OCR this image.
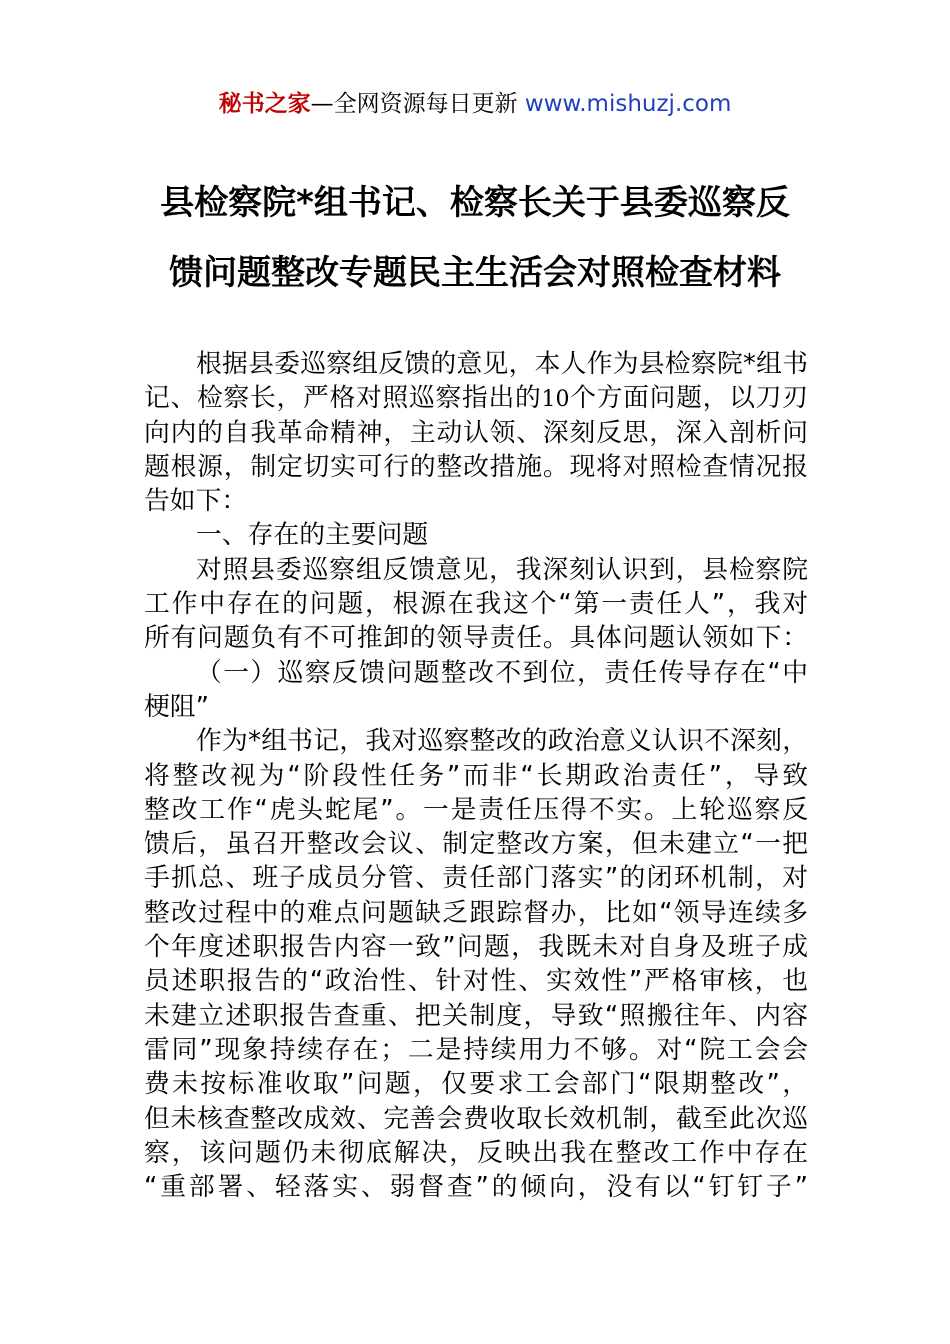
秘书之家—全网资源每日更新 www.mishuzj.com
县检察院*组书记、检察长关于县委巡察反
馈问题整改专题民主生活会对照检查材料
根据县委巡察组反馈的意见，本人作为县检察院*组书
记、检察长，严格对照巡察指出的10个方面问题，以刀刃
向内的自我革命精神，主动认领、深刻反思，深入剖析问
题根源，制定切实可行的整改措施。现将对照检查情况报
告如下：
一、存在的主要问题
对照县委巡察组反馈意见，我深刻认识到，县检察院
工作中存在的问题，根源在我这个“第一责任人”，我对
所有问题负有不可推卸的领导责任。具体问题认领如下：
（一）巡察反馈问题整改不到位，责任传导存在“中
梗阻”
作为*组书记，我对巡察整改的政治意义认识不深刻，
将整改视为“阶段性任务”而非“长期政治责任”，导致
整改工作“虎头蛇尾”。一是责任压得不实。上轮巡察反
馈后，虽召开整改会议、制定整改方案，但未建立“一把
手抓总、班子成员分管、责任部门落实”的闭环机制，对
整改过程中的难点问题缺乏跟踪督办，比如“领导连续多
个年度述职报告内容一致”问题，我既未对自身及班子成
员述职报告的“政治性、针对性、实效性”严格审核，也
未建立述职报告查重、把关制度，导致“照搬往年、内容
雷同”现象持续存在；二是持续用力不够。对“院工会会
费未按标准收取”问题，仅要求工会部门“限期整改”，
但未核查整改成效、完善会费收取长效机制，截至此次巡
察，该问题仍未彻底解决，反映出我在整改工作中存在
“重部署、轻落实、弱督查”的倾向，没有以“钉钉子”
